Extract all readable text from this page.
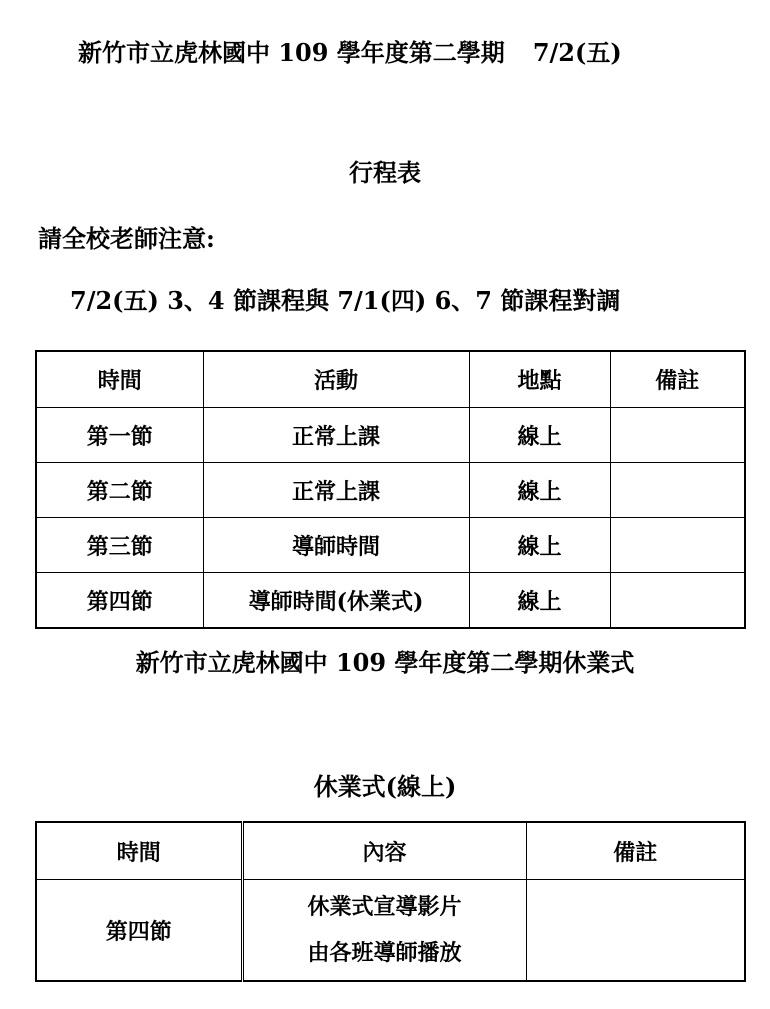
新竹市立虎林國中 109 學年度第二學期 7/2(五)
行程表
請全校老師注意:
7/2(五) 3、4 節課程與 7/1(四) 6、7 節課程對調
時間	活動	地點	備註
第一節	正常上課	線上	
第二節	正常上課	線上	
第三節	導師時間	線上	
第四節	導師時間(休業式)	線上	
新竹市立虎林國中 109 學年度第二學期休業式
休業式(線上)
時間	內容	備註
第四節	休業式宣導影片
由各班導師播放	
